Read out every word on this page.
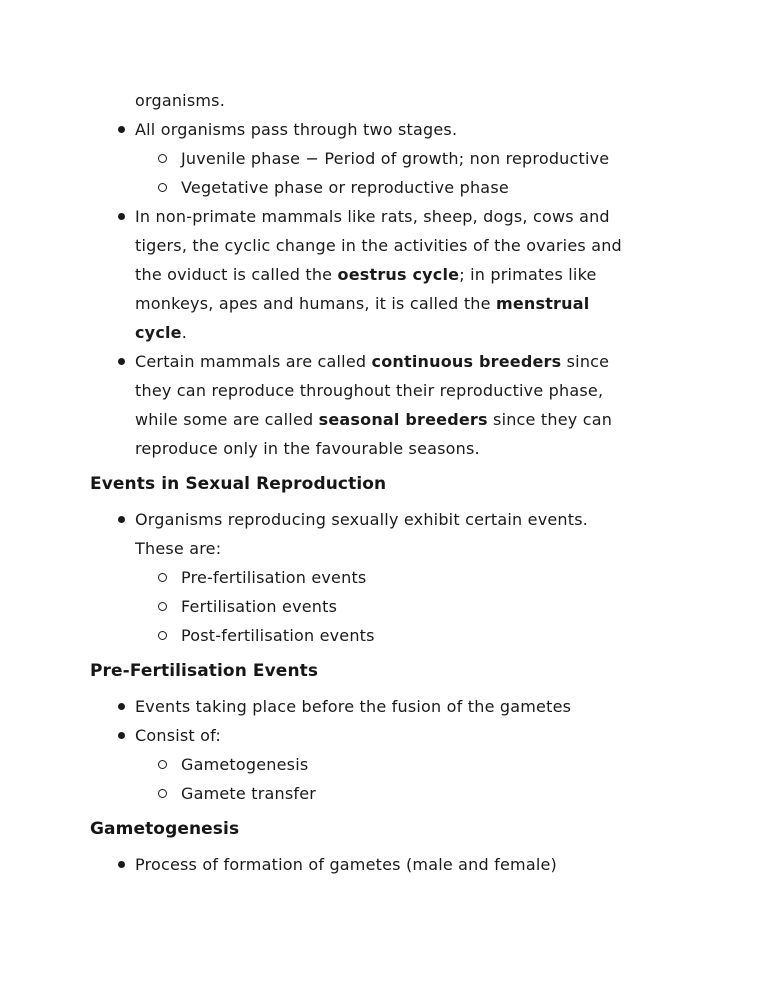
organisms.
All organisms pass through two stages.
Juvenile phase − Period of growth; non reproductive
Vegetative phase or reproductive phase
In non-primate mammals like rats, sheep, dogs, cows and
tigers, the cyclic change in the activities of the ovaries and
the oviduct is called the oestrus cycle; in primates like
monkeys, apes and humans, it is called the menstrual
cycle.
Certain mammals are called continuous breeders since
they can reproduce throughout their reproductive phase,
while some are called seasonal breeders since they can
reproduce only in the favourable seasons.
Events in Sexual Reproduction
Organisms reproducing sexually exhibit certain events.
These are:
Pre-fertilisation events
Fertilisation events
Post-fertilisation events
Pre-Fertilisation Events
Events taking place before the fusion of the gametes
Consist of:
Gametogenesis
Gamete transfer
Gametogenesis
Process of formation of gametes (male and female)
